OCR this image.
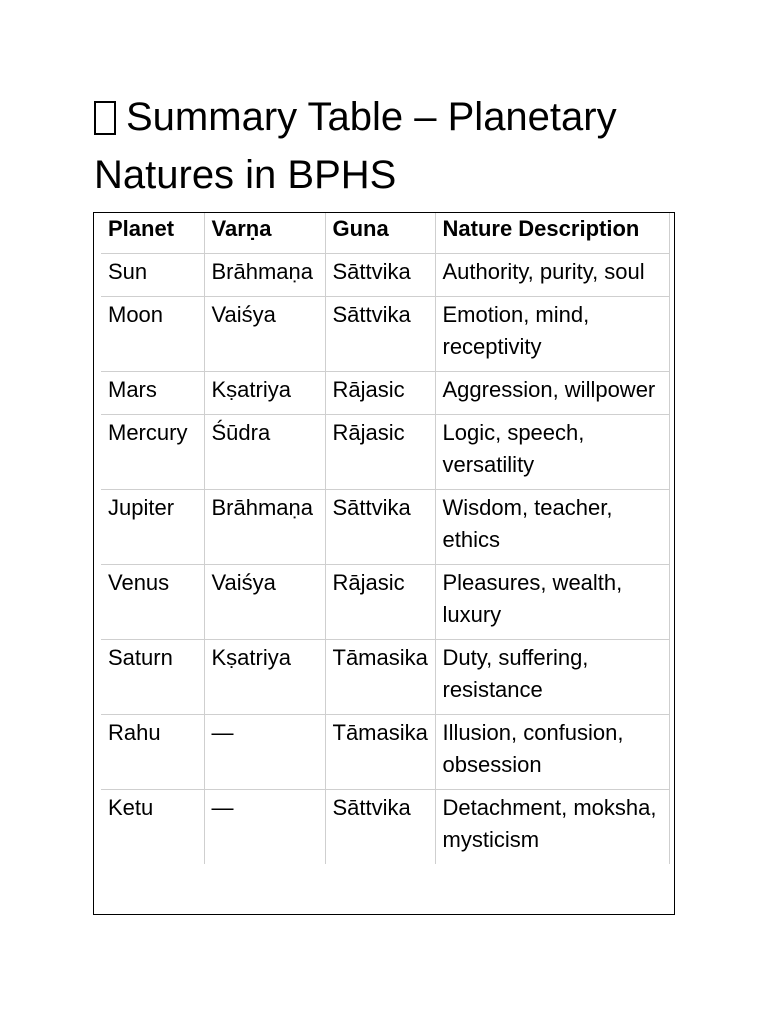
Summary Table – Planetary Natures in BPHS
Planet	Varṇa	Guna	Nature Description
Sun	Brāhmaṇa	Sāttvika	Authority, purity, soul
Moon	Vaiśya	Sāttvika	Emotion, mind, receptivity
Mars	Kṣatriya	Rājasic	Aggression, willpower
Mercury	Śūdra	Rājasic	Logic, speech, versatility
Jupiter	Brāhmaṇa	Sāttvika	Wisdom, teacher, ethics
Venus	Vaiśya	Rājasic	Pleasures, wealth, luxury
Saturn	Kṣatriya	Tāmasika	Duty, suffering, resistance
Rahu	—	Tāmasika	Illusion, confusion, obsession
Ketu	—	Sāttvika	Detachment, moksha, mysticism
